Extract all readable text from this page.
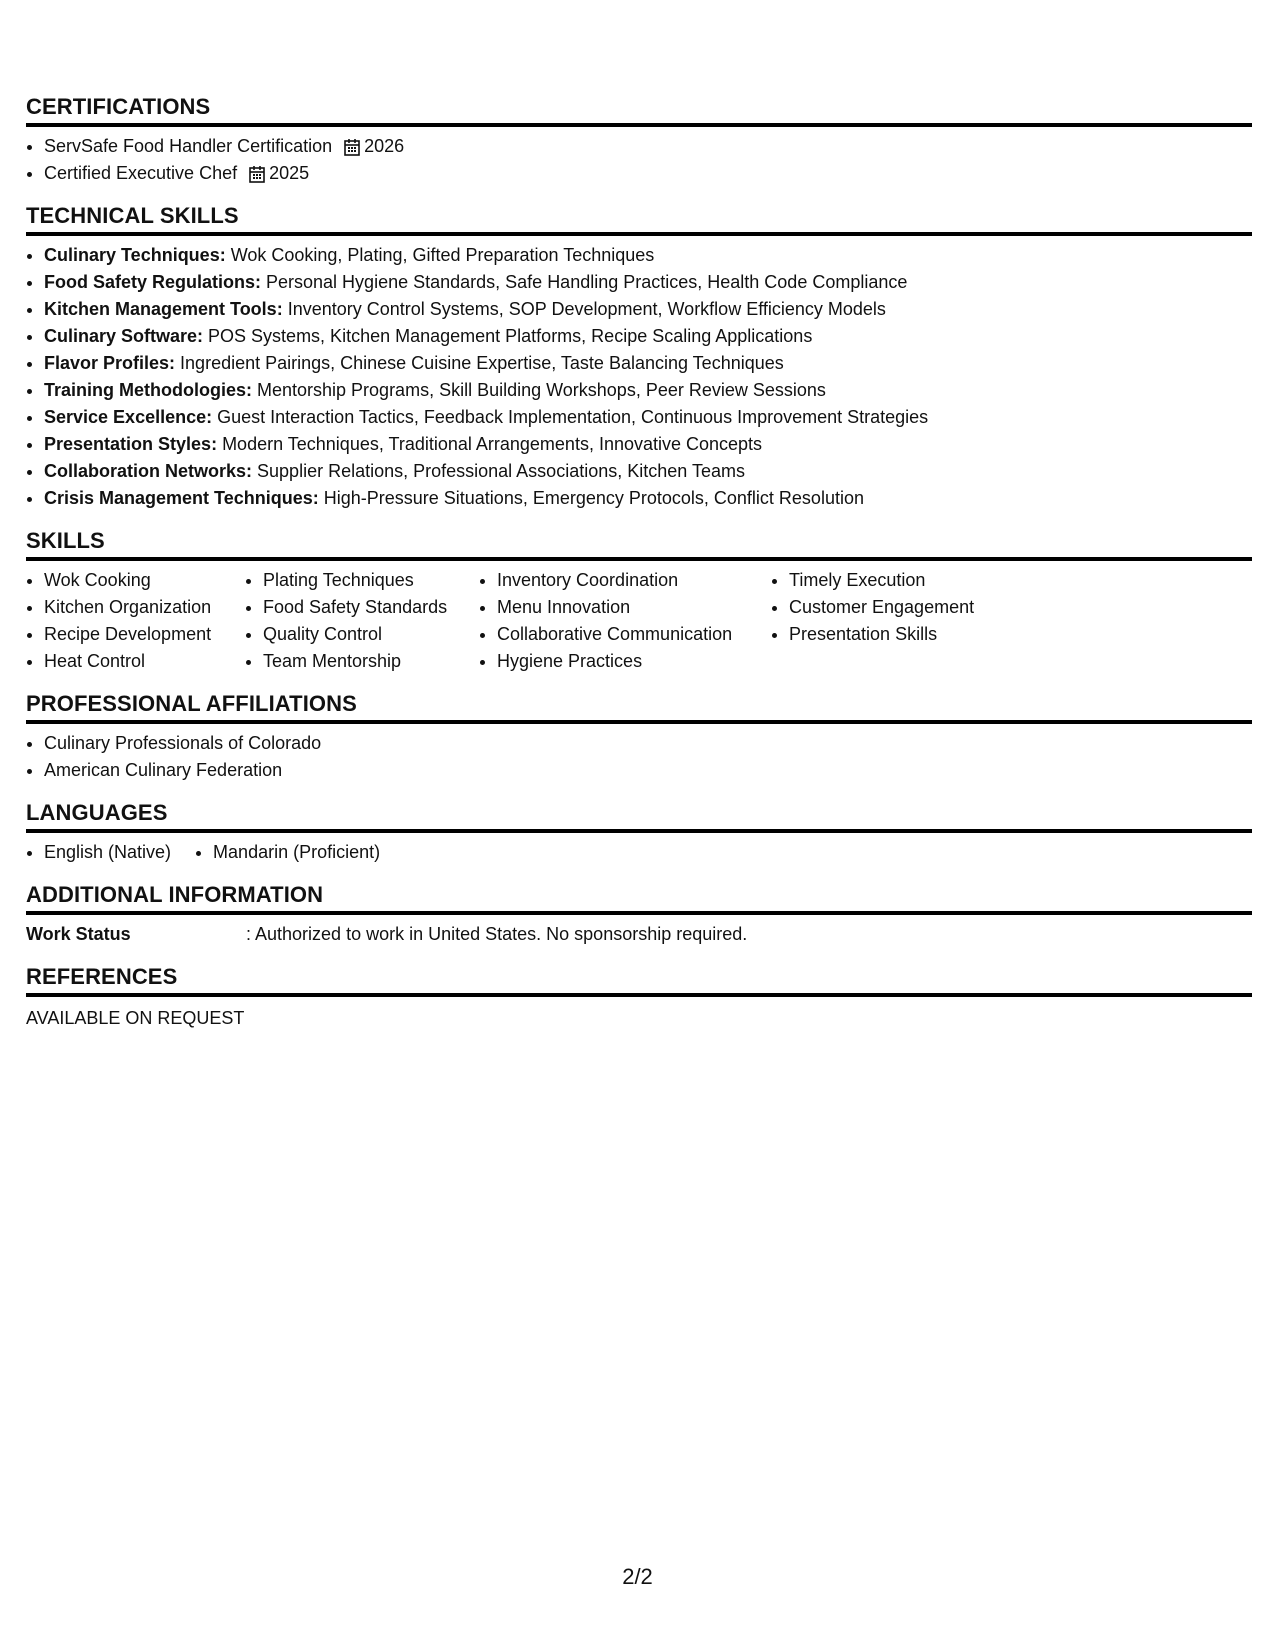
CERTIFICATIONS
• ServSafe Food Handler Certification 2026
• Certified Executive Chef 2025
TECHNICAL SKILLS
• Culinary Techniques: Wok Cooking, Plating, Gifted Preparation Techniques
• Food Safety Regulations: Personal Hygiene Standards, Safe Handling Practices, Health Code Compliance
• Kitchen Management Tools: Inventory Control Systems, SOP Development, Workflow Efficiency Models
• Culinary Software: POS Systems, Kitchen Management Platforms, Recipe Scaling Applications
• Flavor Profiles: Ingredient Pairings, Chinese Cuisine Expertise, Taste Balancing Techniques
• Training Methodologies: Mentorship Programs, Skill Building Workshops, Peer Review Sessions
• Service Excellence: Guest Interaction Tactics, Feedback Implementation, Continuous Improvement Strategies
• Presentation Styles: Modern Techniques, Traditional Arrangements, Innovative Concepts
• Collaboration Networks: Supplier Relations, Professional Associations, Kitchen Teams
• Crisis Management Techniques: High-Pressure Situations, Emergency Protocols, Conflict Resolution
SKILLS
• Wok Cooking
• Kitchen Organization
• Recipe Development
• Heat Control
• Plating Techniques
• Food Safety Standards
• Quality Control
• Team Mentorship
• Inventory Coordination
• Menu Innovation
• Collaborative Communication
• Hygiene Practices
• Timely Execution
• Customer Engagement
• Presentation Skills
PROFESSIONAL AFFILIATIONS
• Culinary Professionals of Colorado
• American Culinary Federation
LANGUAGES
• English (Native)
• Mandarin (Proficient)
ADDITIONAL INFORMATION
Work Status	: Authorized to work in United States. No sponsorship required.
REFERENCES
AVAILABLE ON REQUEST
2/2
